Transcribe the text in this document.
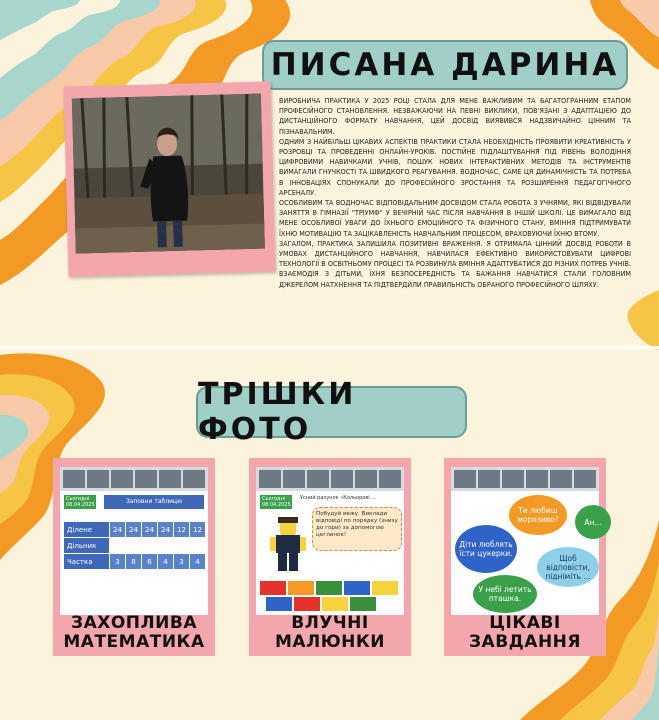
ПИСАНА ДАРИНА

ВИРОБНИЧА ПРАКТИКА У 2025 РОЦІ СТАЛА ДЛЯ МЕНЕ ВАЖЛИВИМ ТА БАГАТОГРАННИМ ЕТАПОМ ПРОФЕСІЙНОГО СТАНОВЛЕННЯ. НЕЗВАЖАЮЧИ НА ПЕВНІ ВИКЛИКИ, ПОВ'ЯЗАНІ З АДАПТАЦІЄЮ ДО ДИСТАНЦІЙНОГО ФОРМАТУ НАВЧАННЯ, ЦЕЙ ДОСВІД ВИЯВИВСЯ НАДЗВИЧАЙНО ЦІННИМ ТА ПІЗНАВАЛЬНИМ.

ОДНИМ З НАЙБІЛЬШ ЦІКАВИХ АСПЕКТІВ ПРАКТИКИ СТАЛА НЕОБХІДНІСТЬ ПРОЯВИТИ КРЕАТИВНІСТЬ У РОЗРОБЦІ ТА ПРОВЕДЕННІ ОНЛАЙН-УРОКІВ. ПОСТІЙНЕ ПІДЛАШТУВАННЯ ПІД РІВЕНЬ ВОЛОДІННЯ ЦИФРОВИМИ НАВИЧКАМИ УЧНІВ, ПОШУК НОВИХ ІНТЕРАКТИВНИХ МЕТОДІВ ТА ІНСТРУМЕНТІВ ВИМАГАЛИ ГНУЧКОСТІ ТА ШВИДКОГО РЕАГУВАННЯ. ВОДНОЧАС, САМЕ ЦЯ ДИНАМІЧНІСТЬ ТА ПОТРЕБА В ІННОВАЦІЯХ СПОНУКАЛИ ДО ПРОФЕСІЙНОГО ЗРОСТАННЯ ТА РОЗШИРЕННЯ ПЕДАГОГІЧНОГО АРСЕНАЛУ.

ОСОБЛИВИМ ТА ВОДНОЧАС ВІДПОВІДАЛЬНИМ ДОСВІДОМ СТАЛА РОБОТА З УЧНЯМИ, ЯКІ ВІДВІДУВАЛИ ЗАНЯТТЯ В ГІМНАЗІЇ "ТРІУМФ" У ВЕЧІРНІЙ ЧАС ПІСЛЯ НАВЧАННЯ В ІНШІЙ ШКОЛІ. ЦЕ ВИМАГАЛО ВІД МЕНЕ ОСОБЛИВОЇ УВАГИ ДО ЇХНЬОГО ЕМОЦІЙНОГО ТА ФІЗИЧНОГО СТАНУ, ВМІННЯ ПІДТРИМУВАТИ ЇХНЮ МОТИВАЦІЮ ТА ЗАЦІКАВЛЕНІСТЬ НАВЧАЛЬНИМ ПРОЦЕСОМ, ВРАХОВУЮЧИ ЇХНЮ ВТОМУ.

ЗАГАЛОМ, ПРАКТИКА ЗАЛИШИЛА ПОЗИТИВНІ ВРАЖЕННЯ. Я ОТРИМАЛА ЦІННИЙ ДОСВІД РОБОТИ В УМОВАХ ДИСТАНЦІЙНОГО НАВЧАННЯ, НАВЧИЛАСЯ ЕФЕКТИВНО ВИКОРИСТОВУВАТИ ЦИФРОВІ ТЕХНОЛОГІЇ В ОСВІТНЬОМУ ПРОЦЕСІ ТА РОЗВИНУЛА ВМІННЯ АДАПТУВАТИСЯ ДО РІЗНИХ ПОТРЕБ УЧНІВ. ВЗАЄМОДІЯ З ДІТЬМИ, ЇХНЯ БЕЗПОСЕРЕДНІСТЬ ТА БАЖАННЯ НАВЧАТИСЯ СТАЛИ ГОЛОВНИМ ДЖЕРЕЛОМ НАТХНЕННЯ ТА ПІДТВЕРДИЛИ ПРАВИЛЬНІСТЬ ОБРАНОГО ПРОФЕСІЙНОГО ШЛЯХУ.

ТРІШКИ ФОТО
Сьогодні 08.04.2025	Заповни таблицю
Ділене	24	24	24	24	12	12
Дільник						
Частка	3	8	6	4	3	4
ЗАХОПЛИВА МАТЕМАТИКА
Сьогодні 08.04.2025
Усний рахунок «Кольорові ...
Побудуй вежу. Виклади відповіді по порядку (знизу до гори) за допомогою цеглинок!
ВЛУЧНІ МАЛЮНКИ
Ти любиш морозиво?
Діти люблять їсти цукерки.	Щоб відповісти, підніміть ...
У небі летить пташка.
Ан...
ЦІКАВІ ЗАВДАННЯ
